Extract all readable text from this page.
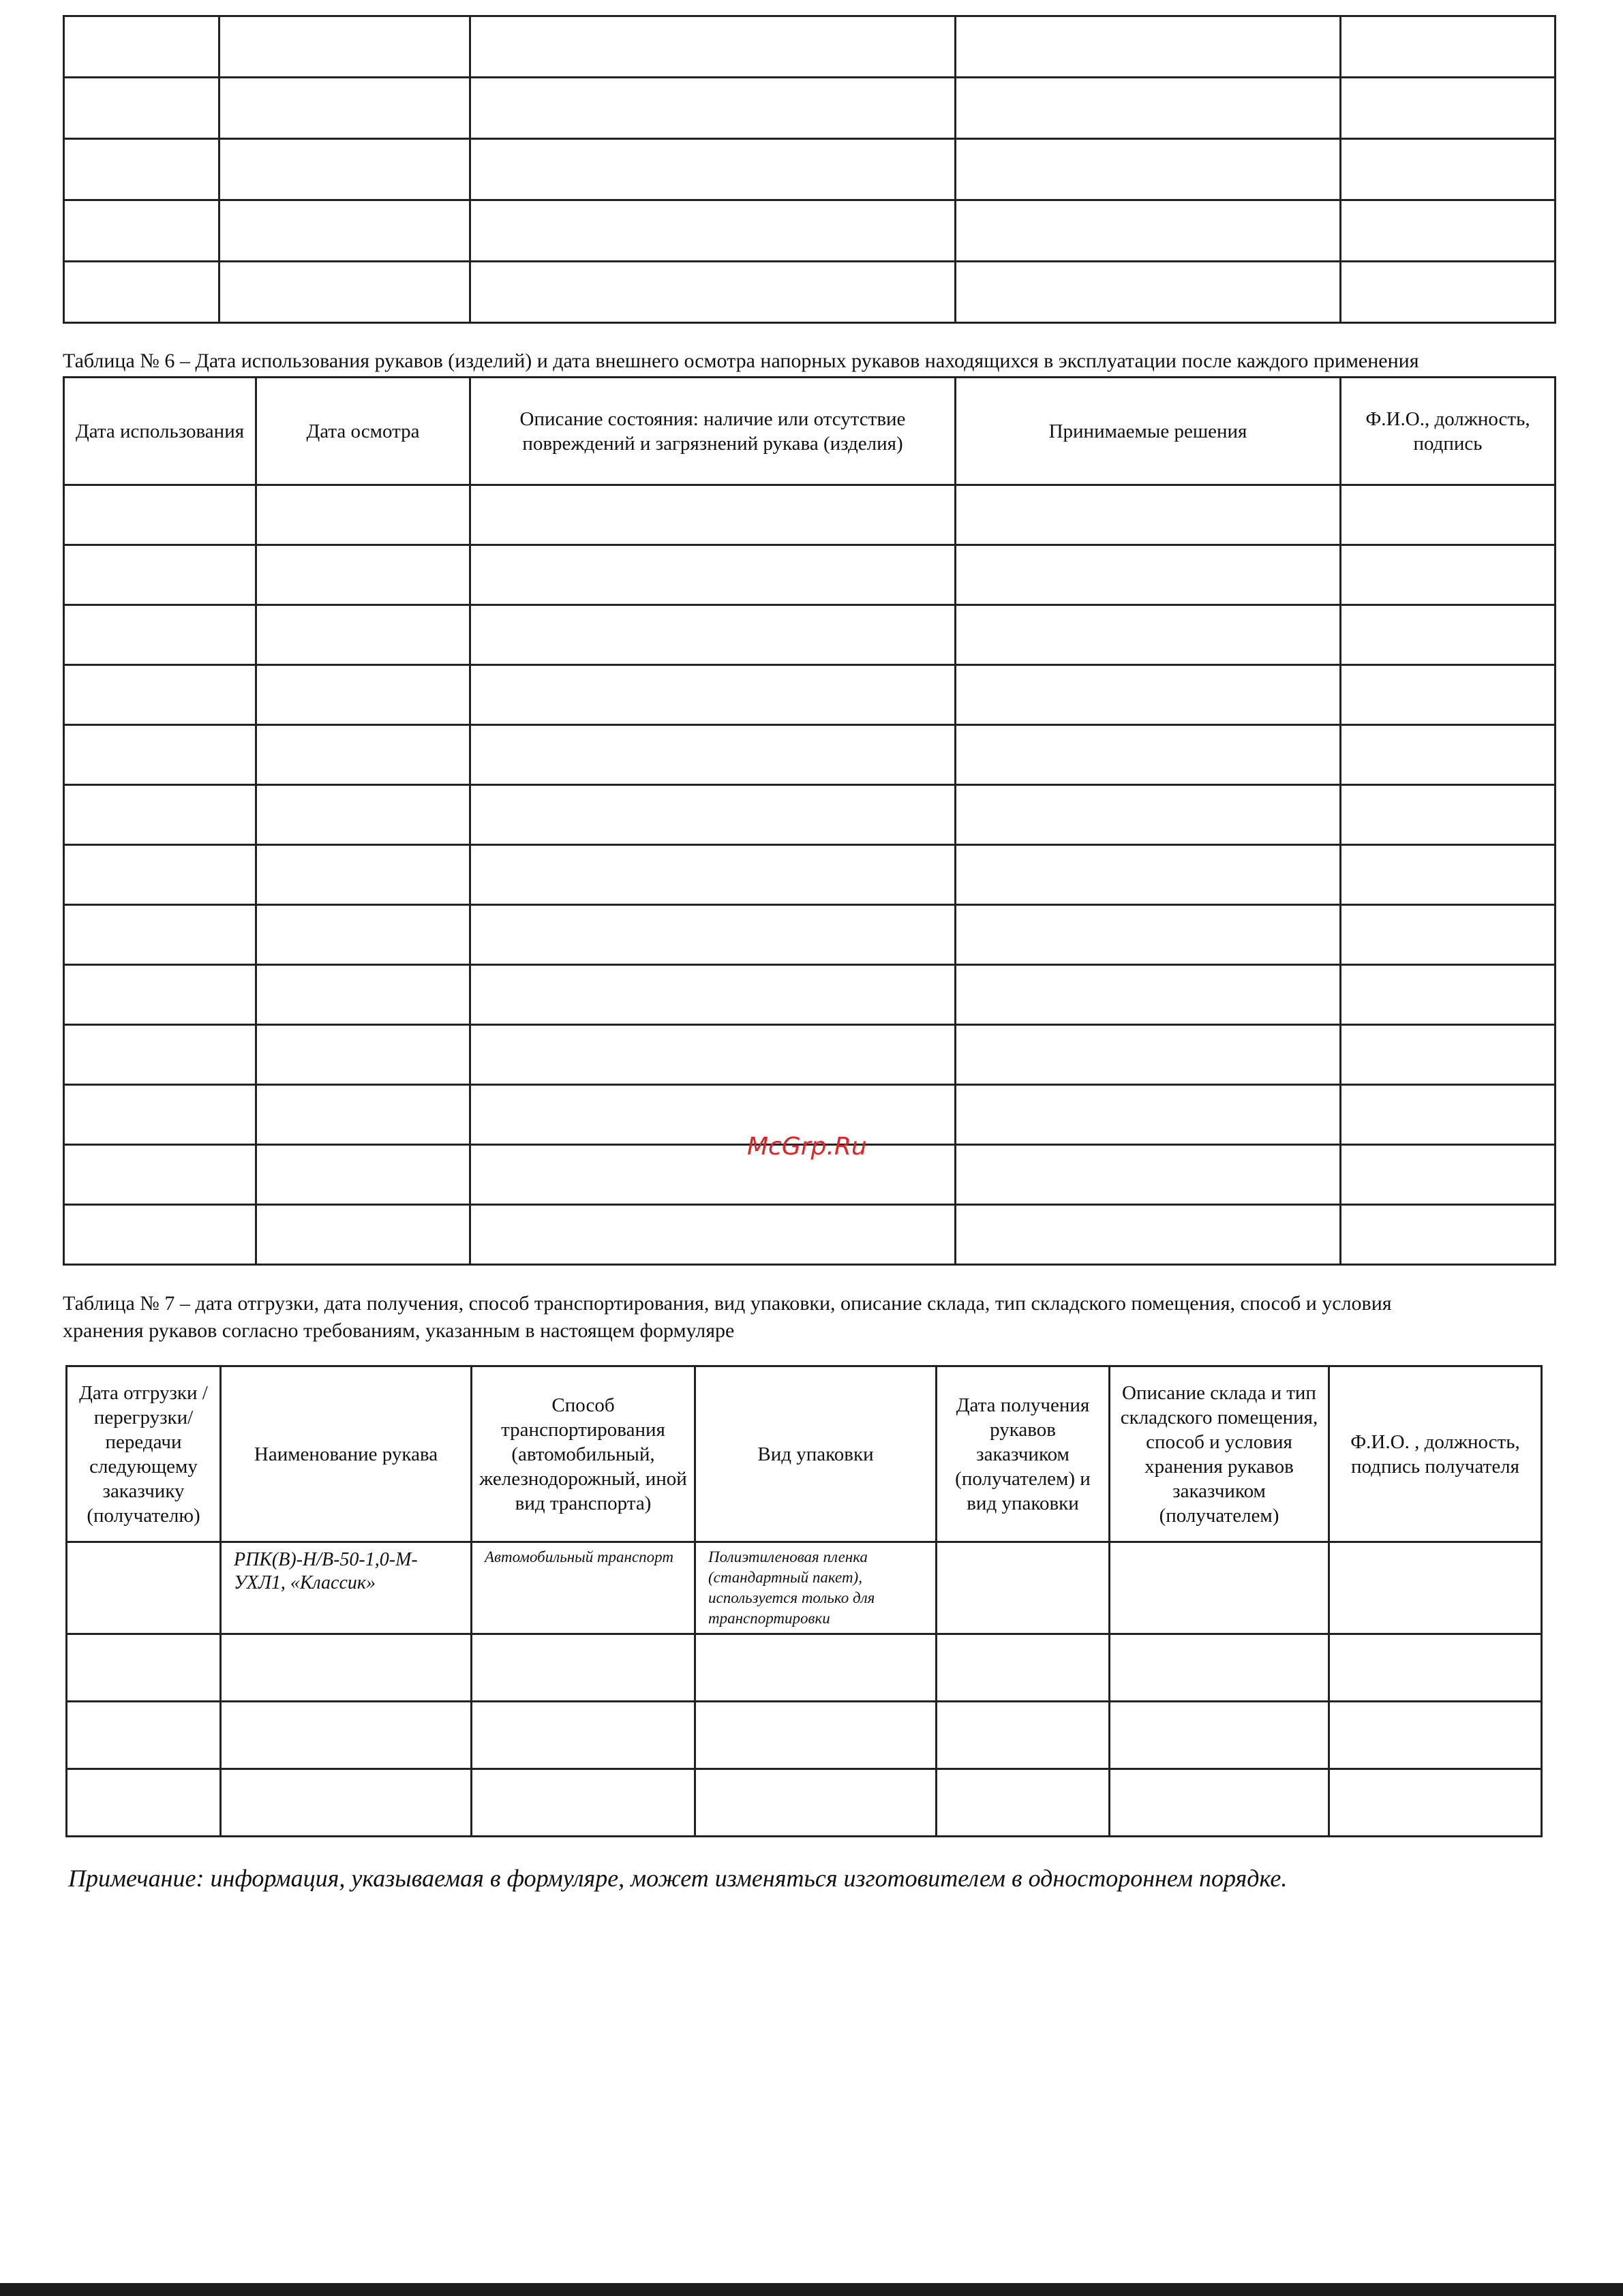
Таблица № 6 – Дата использования рукавов (изделий) и дата внешнего осмотра напорных рукавов находящихся в эксплуатации после каждого применения
Дата использования	Дата осмотра	Описание состояния: наличие или отсутствие повреждений и загрязнений рукава (изделия)	Принимаемые решения	Ф.И.О., должность, подпись

McGrp.Ru
Таблица № 7 – дата отгрузки, дата получения, способ транспортирования, вид упаковки, описание склада, тип складского помещения, способ и условия
хранения рукавов согласно требованиям, указанным в настоящем формуляре
Дата отгрузки /перегрузки/ передачи следующему заказчику (получателю)	Наименование рукава	Способ транспортирования (автомобильный, железнодорожный, иной вид транспорта)	Вид упаковки	Дата получения рукавов заказчиком (получателем) и вид упаковки	Описание склада и тип складского помещения, способ и условия хранения рукавов заказчиком (получателем)	Ф.И.О. , должность, подпись получателя
	РПК(В)-Н/В-50-1,0-М-УХЛ1, «Классик»	Автомобильный транспорт	Полиэтиленовая пленка (стандартный пакет), используется только для транспортировки			

Примечание: информация, указываемая в формуляре, может изменяться изготовителем в одностороннем порядке.
